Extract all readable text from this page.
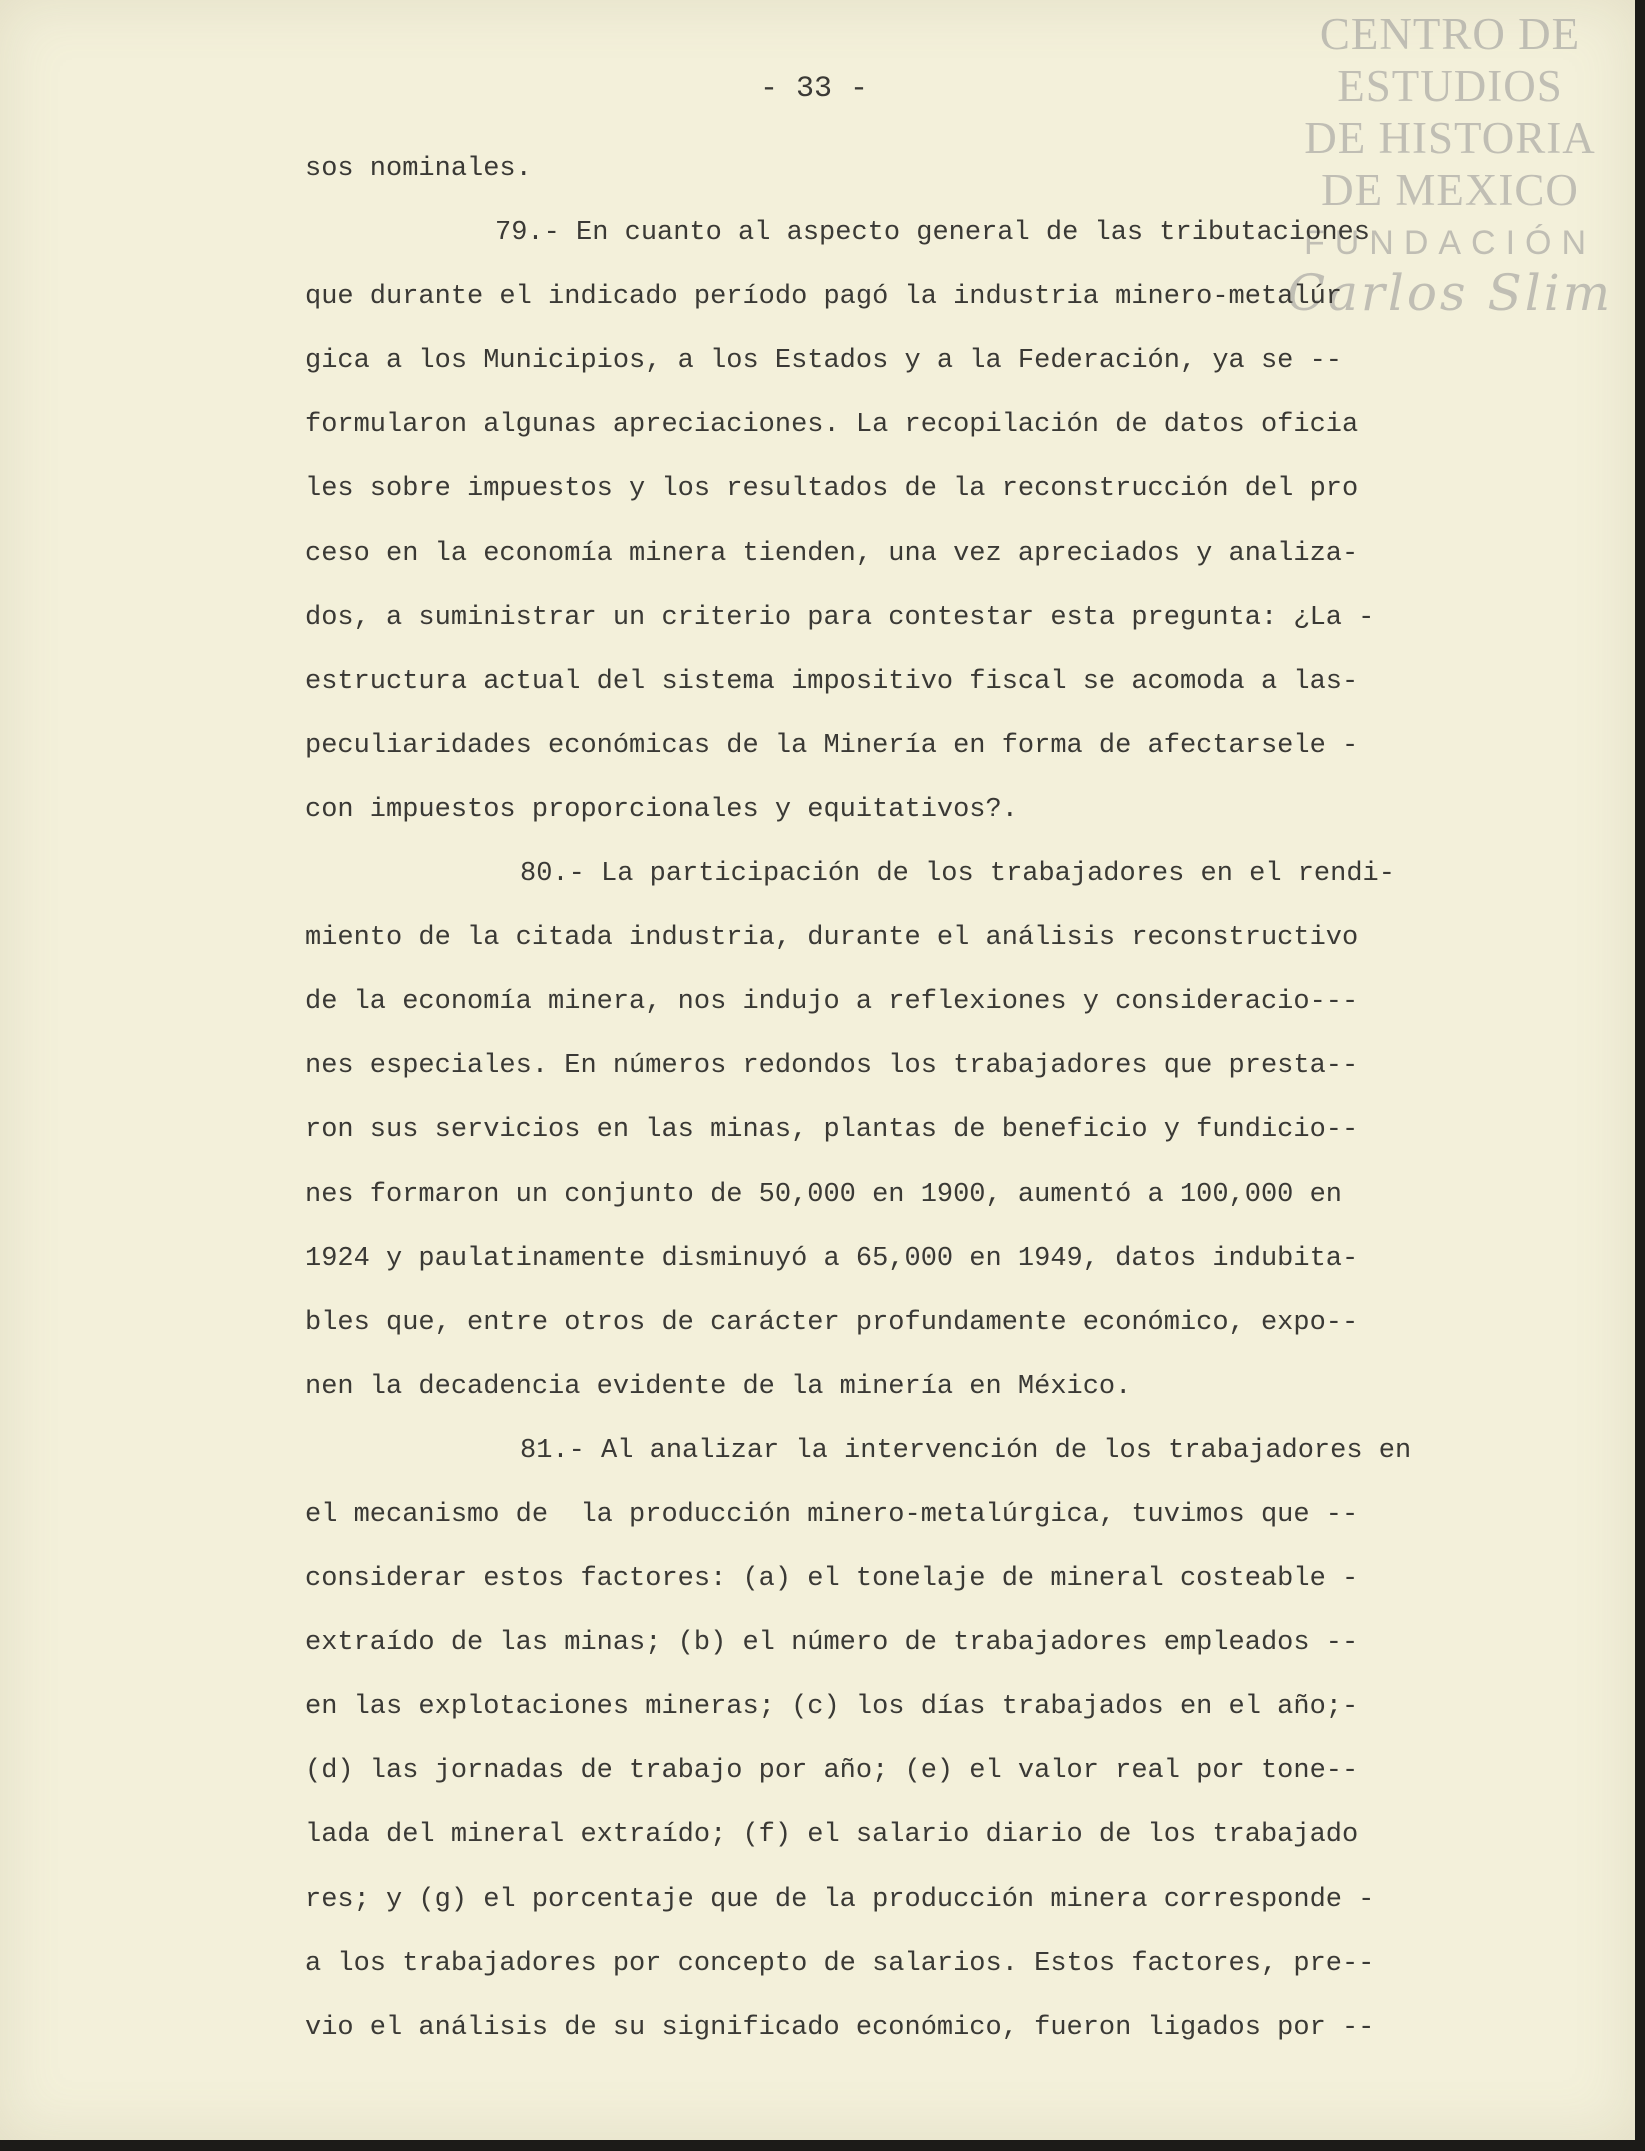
CENTRO DE
ESTUDIOS
DE HISTORIA
DE MEXICO
FUNDACIÓN
Carlos Slim
- 33 -
sos nominales.
79.- En cuanto al aspecto general de las tributaciones
que durante el indicado período pagó la industria minero-metalúr
gica a los Municipios, a los Estados y a la Federación, ya se --
formularon algunas apreciaciones. La recopilación de datos oficia
les sobre impuestos y los resultados de la reconstrucción del pro
ceso en la economía minera tienden, una vez apreciados y analiza-
dos, a suministrar un criterio para contestar esta pregunta: ¿La -
estructura actual del sistema impositivo fiscal se acomoda a las-
peculiaridades económicas de la Minería en forma de afectarsele -
con impuestos proporcionales y equitativos?.
80.- La participación de los trabajadores en el rendi-
miento de la citada industria, durante el análisis reconstructivo
de la economía minera, nos indujo a reflexiones y consideracio---
nes especiales. En números redondos los trabajadores que presta--
ron sus servicios en las minas, plantas de beneficio y fundicio--
nes formaron un conjunto de 50,000 en 1900, aumentó a 100,000 en
1924 y paulatinamente disminuyó a 65,000 en 1949, datos indubita-
bles que, entre otros de carácter profundamente económico, expo--
nen la decadencia evidente de la minería en México.
81.- Al analizar la intervención de los trabajadores en
el mecanismo de  la producción minero-metalúrgica, tuvimos que --
considerar estos factores: (a) el tonelaje de mineral costeable -
extraído de las minas; (b) el número de trabajadores empleados --
en las explotaciones mineras; (c) los días trabajados en el año;-
(d) las jornadas de trabajo por año; (e) el valor real por tone--
lada del mineral extraído; (f) el salario diario de los trabajado
res; y (g) el porcentaje que de la producción minera corresponde -
a los trabajadores por concepto de salarios. Estos factores, pre--
vio el análisis de su significado económico, fueron ligados por --
